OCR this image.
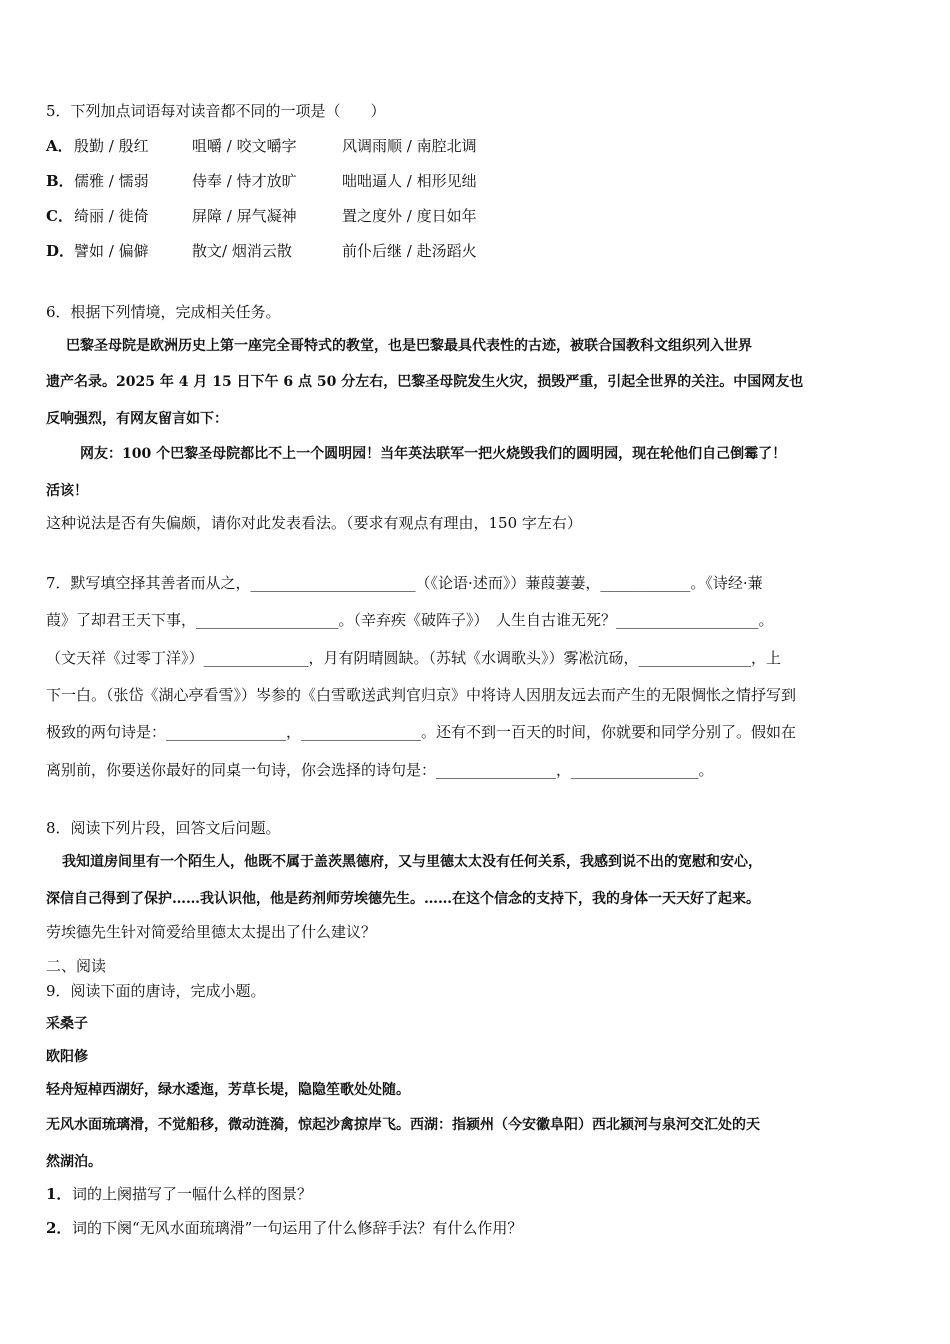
5．下列加点词语每对读音都不同的一项是（　　）
A． 殷勤 / 殷红	咀嚼 / 咬文嚼字	风调雨顺 / 南腔北调
B． 儒雅 / 懦弱	侍奉 / 恃才放旷	咄咄逼人 / 相形见绌
C． 绮丽 / 徙倚	屏障 / 屏气凝神	置之度外 / 度日如年
D． 譬如 / 偏僻	散文/ 烟消云散	前仆后继 / 赴汤蹈火
6．根据下列情境，完成相关任务。
巴黎圣母院是欧洲历史上第一座完全哥特式的教堂，也是巴黎最具代表性的古迹，被联合国教科文组织列入世界
遗产名录。2025 年 4 月 15 日下午 6 点 50 分左右，巴黎圣母院发生火灾，损毁严重，引起全世界的关注。中国网友也
反响强烈，有网友留言如下：
网友：100 个巴黎圣母院都比不上一个圆明园！当年英法联军一把火烧毁我们的圆明园，现在轮他们自己倒霉了！
活该！
这种说法是否有失偏颇，请你对此发表看法。（要求有观点有理由，150 字左右）
7．默写填空择其善者而从之，______________________（《论语·述而》）蒹葭萋萋，____________。《诗经·蒹
葭》了却君王天下事，___________________。（辛弃疾《破阵子》）　人生自古谁无死？___________________。
（文天祥《过零丁洋》）______________，月有阴晴圆缺。（苏轼《水调歌头》）雾凇沆砀，_______________，上
下一白。（张岱《湖心亭看雪》）岑参的《白雪歌送武判官归京》中将诗人因朋友远去而产生的无限惆怅之情抒写到
极致的两句诗是：________________，________________。还有不到一百天的时间，你就要和同学分别了。假如在
离别前，你要送你最好的同桌一句诗，你会选择的诗句是：________________，_________________。
8．阅读下列片段，回答文后问题。
我知道房间里有一个陌生人，他既不属于盖茨黑德府，又与里德太太没有任何关系，我感到说不出的宽慰和安心，
深信自己得到了保护……我认识他，他是药剂师劳埃德先生。……在这个信念的支持下，我的身体一天天好了起来。
劳埃德先生针对简爱给里德太太提出了什么建议？
二、阅读
9．阅读下面的唐诗，完成小题。
采桑子
欧阳修
轻舟短棹西湖好，绿水逶迤，芳草长堤，隐隐笙歌处处随。
无风水面琉璃滑，不觉船移，微动涟漪，惊起沙禽掠岸飞。西湖：指颍州（今安徽阜阳）西北颍河与泉河交汇处的天
然湖泊。
1． 词的上阕描写了一幅什么样的图景？
2． 词的下阕“无风水面琉璃滑”一句运用了什么修辞手法？有什么作用？
